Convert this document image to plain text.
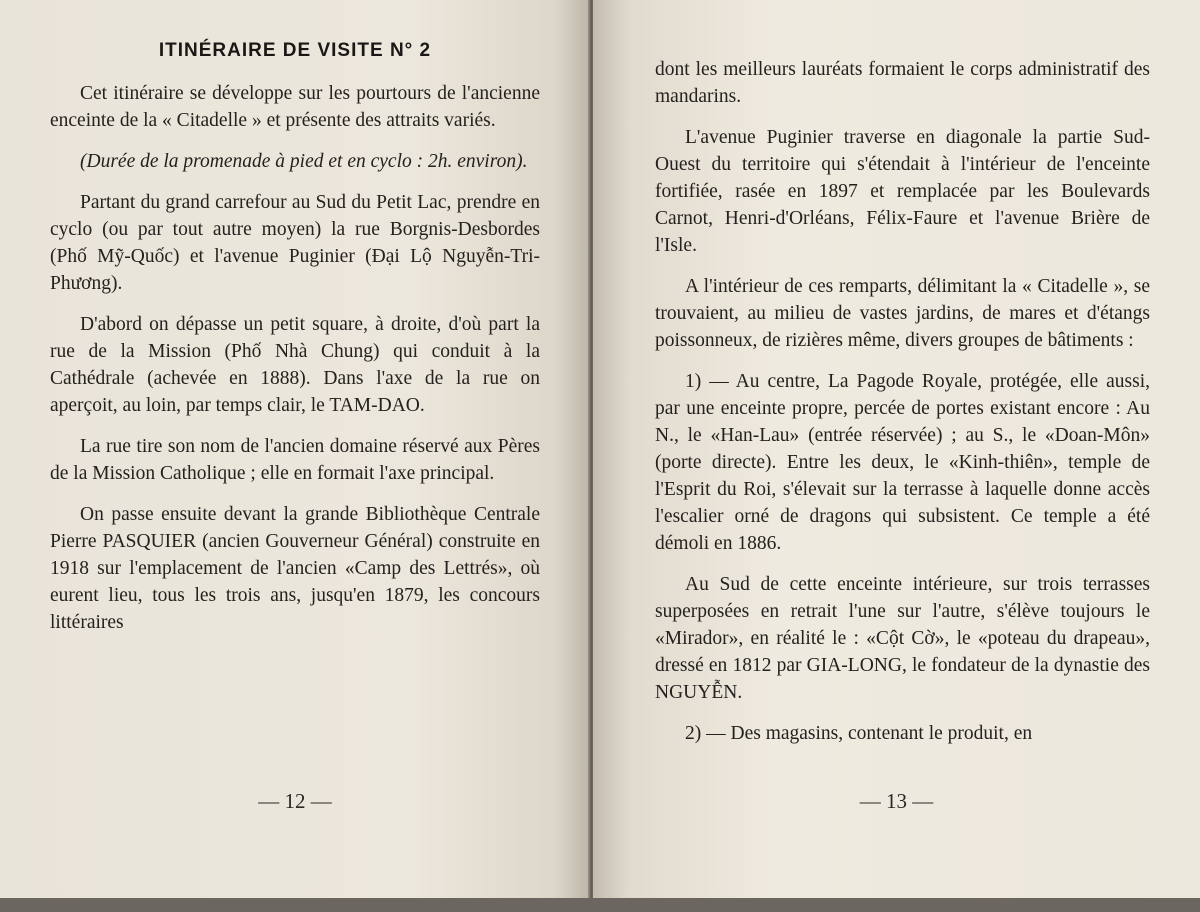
ITINÉRAIRE DE VISITE N° 2

Cet itinéraire se développe sur les pourtours de l'ancienne enceinte de la « Citadelle » et présente des attraits variés.

(Durée de la promenade à pied et en cyclo : 2h. environ).

Partant du grand carrefour au Sud du Petit Lac, prendre en cyclo (ou par tout autre moyen) la rue Borgnis-Desbordes (Phố Mỹ-Quốc) et l'avenue Puginier (Đại Lộ Nguyễn-Tri-Phương).

D'abord on dépasse un petit square, à droite, d'où part la rue de la Mission (Phố Nhà Chung) qui conduit à la Cathédrale (achevée en 1888). Dans l'axe de la rue on aperçoit, au loin, par temps clair, le TAM-DAO.

La rue tire son nom de l'ancien domaine réservé aux Pères de la Mission Catholique ; elle en formait l'axe principal.

On passe ensuite devant la grande Bibliothèque Centrale Pierre PASQUIER (ancien Gouverneur Général) construite en 1918 sur l'emplacement de l'ancien «Camp des Lettrés», où eurent lieu, tous les trois ans, jusqu'en 1879, les concours littéraires

— 12 —

dont les meilleurs lauréats formaient le corps administratif des mandarins.

L'avenue Puginier traverse en diagonale la partie Sud-Ouest du territoire qui s'étendait à l'intérieur de l'enceinte fortifiée, rasée en 1897 et remplacée par les Boulevards Carnot, Henri-d'Orléans, Félix-Faure et l'avenue Brière de l'Isle.

A l'intérieur de ces remparts, délimitant la « Citadelle », se trouvaient, au milieu de vastes jardins, de mares et d'étangs poissonneux, de rizières même, divers groupes de bâtiments :

1) — Au centre, La Pagode Royale, protégée, elle aussi, par une enceinte propre, percée de portes existant encore : Au N., le «Han-Lau» (entrée réservée) ; au S., le «Doan-Môn» (porte directe). Entre les deux, le «Kinh-thiên», temple de l'Esprit du Roi, s'élevait sur la terrasse à laquelle donne accès l'escalier orné de dragons qui subsistent. Ce temple a été démoli en 1886.

Au Sud de cette enceinte intérieure, sur trois terrasses superposées en retrait l'une sur l'autre, s'élève toujours le «Mirador», en réalité le : «Cột Cờ», le «poteau du drapeau», dressé en 1812 par GIA-LONG, le fondateur de la dynastie des NGUYỄN.

2) — Des magasins, contenant le produit, en

— 13 —
